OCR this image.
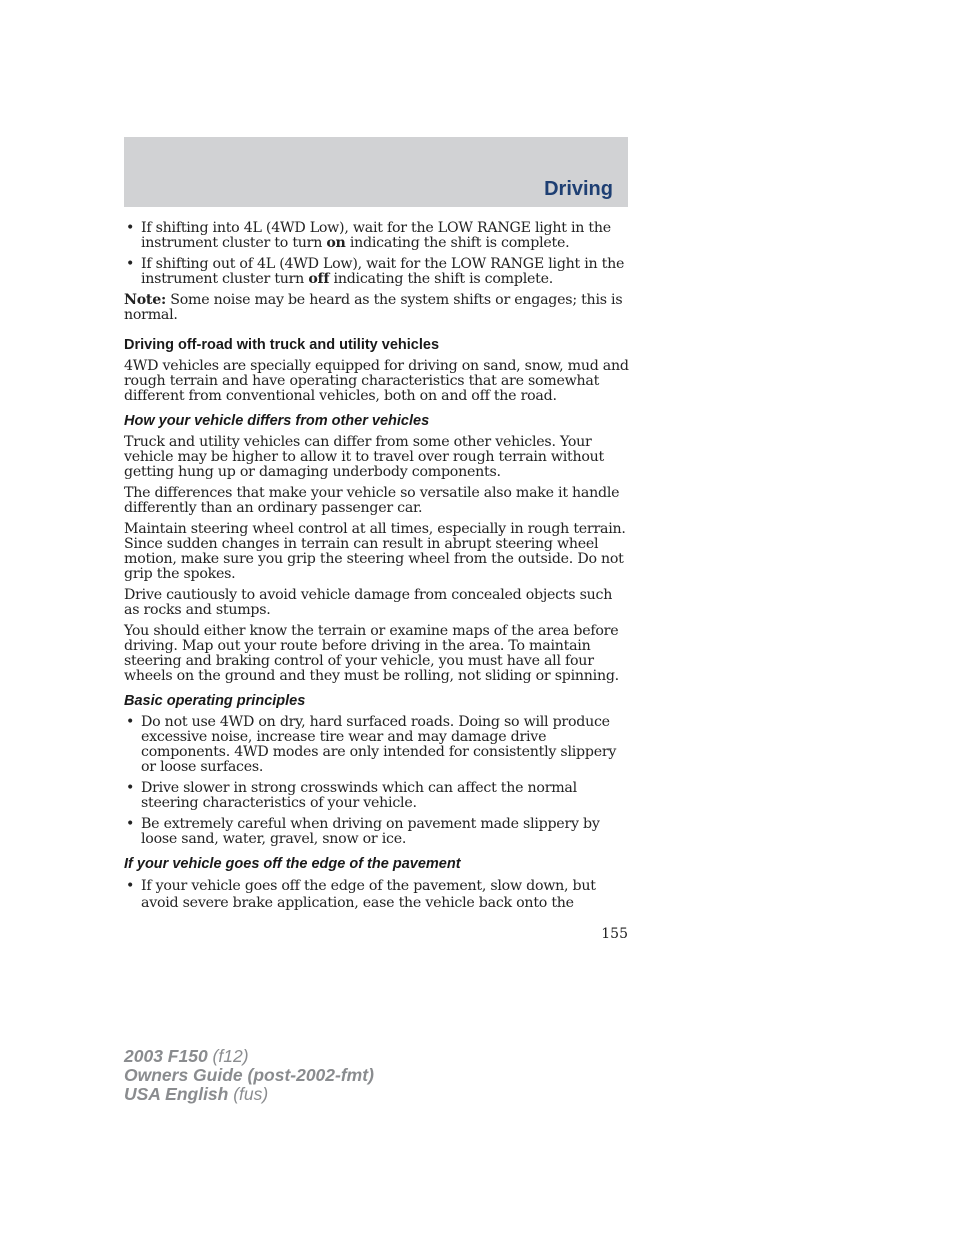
Driving
• If shifting into 4L (4WD Low), wait for the LOW RANGE light in the instrument cluster to turn on indicating the shift is complete.
• If shifting out of 4L (4WD Low), wait for the LOW RANGE light in the instrument cluster turn off indicating the shift is complete.

Note: Some noise may be heard as the system shifts or engages; this is normal.

Driving off-road with truck and utility vehicles

4WD vehicles are specially equipped for driving on sand, snow, mud and rough terrain and have operating characteristics that are somewhat different from conventional vehicles, both on and off the road.

How your vehicle differs from other vehicles

Truck and utility vehicles can differ from some other vehicles. Your vehicle may be higher to allow it to travel over rough terrain without getting hung up or damaging underbody components.

The differences that make your vehicle so versatile also make it handle differently than an ordinary passenger car.

Maintain steering wheel control at all times, especially in rough terrain. Since sudden changes in terrain can result in abrupt steering wheel motion, make sure you grip the steering wheel from the outside. Do not grip the spokes.

Drive cautiously to avoid vehicle damage from concealed objects such as rocks and stumps.

You should either know the terrain or examine maps of the area before driving. Map out your route before driving in the area. To maintain steering and braking control of your vehicle, you must have all four wheels on the ground and they must be rolling, not sliding or spinning.

Basic operating principles
• Do not use 4WD on dry, hard surfaced roads. Doing so will produce excessive noise, increase tire wear and may damage drive components. 4WD modes are only intended for consistently slippery or loose surfaces.
• Drive slower in strong crosswinds which can affect the normal steering characteristics of your vehicle.
• Be extremely careful when driving on pavement made slippery by loose sand, water, gravel, snow or ice.
If your vehicle goes off the edge of the pavement
• If your vehicle goes off the edge of the pavement, slow down, but avoid severe brake application, ease the vehicle back onto the
155
2003 F150 (f12)
Owners Guide (post-2002-fmt)
USA English (fus)
